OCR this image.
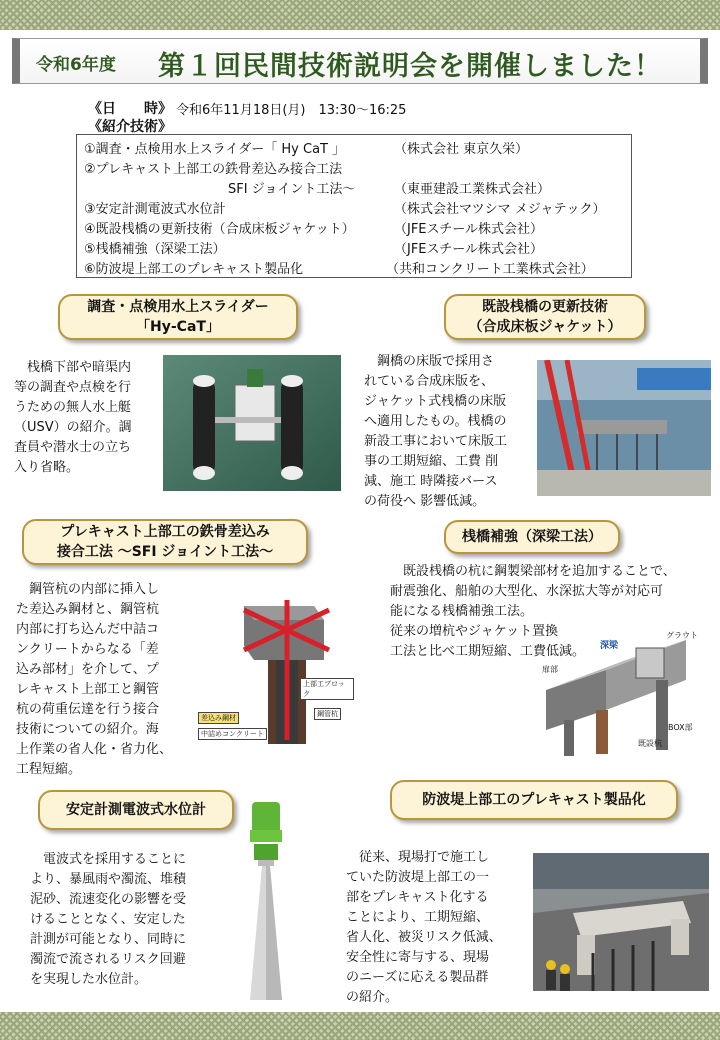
令和6年度 第１回民間技術説明会を開催しました！
《日　　時》 令和6年11月18日(月)　13:30～16:25
《紹介技術》
①調査・点検用水上スライダー「 Hy CaT 」	（株式会社 東京久栄）
②プレキャスト上部工の鉄骨差込み接合工法
SFI ジョイント工法～	（東亜建設工業株式会社）
③安定計測電波式水位計	（株式会社マツシマ メジャテック）
④既設桟橋の更新技術（合成床板ジャケット）	（JFEスチール株式会社）
⑤桟橋補強（深梁工法）	（JFEスチール株式会社）
⑥防波堤上部工のプレキャスト製品化	（共和コンクリート工業株式会社）
調査・点検用水上スライダー
「Hy-CaT」
　栈橋下部や暗渠内
等の調査や点検を行
うための無人水上艇
（USV）の紹介。調
査員や潜水士の立ち
入り省略。
既設桟橋の更新技術
（合成床板ジャケット）
　鋼橋の床版で採用さ
れている合成床版を、
ジャケット式桟橋の床版
へ適用したもの。桟橋の
新設工事において床版工
事の工期短縮、工費 削
減、施工 時隣接バース
の荷役へ 影響低減。
プレキャスト上部工の鉄骨差込み
接合工法 ～SFI ジョイント工法～
　鋼管杭の内部に挿入し
た差込み鋼材と、鋼管杭
内部に打ち込んだ中詰コ
ンクリートからなる「差
込み部材」を介して、プ
レキャスト上部工と鋼管
杭の荷重伝達を行う接合
技術についての紹介。海
上作業の省人化・省力化、
工程短縮。
上部工ブロック
差込み鋼材	鋼管杭
中詰めコンクリート
桟橋補強（深梁工法）
　既設桟橋の杭に鋼製梁部材を追加することで、
耐震強化、船舶の大型化、水深拡大等が対応可
能になる桟橋補強工法。
従来の増杭やジャケット置換
工法と比べ工期短縮、工費低減。	深梁
グラウト
扉部
BOX部
既設杭
安定計測電波式水位計
　電波式を採用することに
より、暴風雨や濁流、堆積
泥砂、流速変化の影響を受
けることとなく、安定した
計測が可能となり、同時に
濁流で流されるリスク回避
を実現した水位計。
防波堤上部工のプレキャスト製品化
　従来、現場打で施工し
ていた防波堤上部工の一
部をプレキャスト化する
ことにより、工期短縮、
省人化、被災リスク低減、
安全性に寄与する、現場
のニーズに応える製品群
の紹介。
